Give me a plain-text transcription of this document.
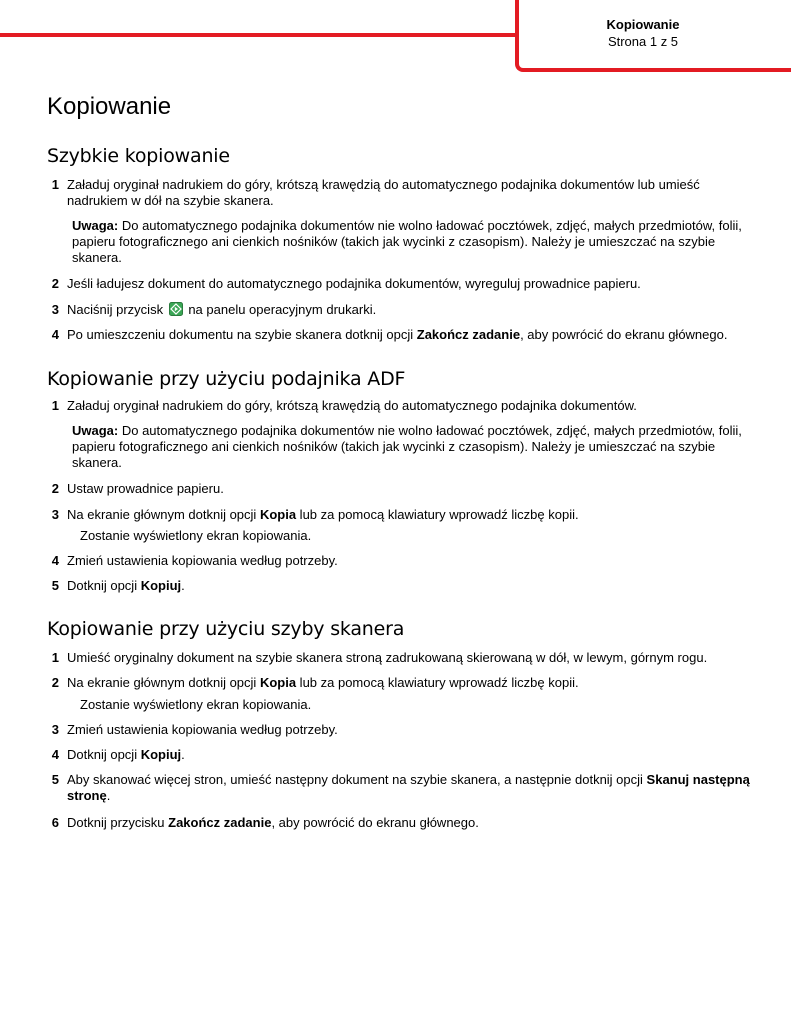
Kopiowanie
Strona 1 z 5
Kopiowanie
Szybkie kopiowanie
1 Załaduj oryginał nadrukiem do góry, krótszą krawędzią do automatycznego podajnika dokumentów lub umieść nadrukiem w dół na szybie skanera.
Uwaga: Do automatycznego podajnika dokumentów nie wolno ładować pocztówek, zdjęć, małych przedmiotów, folii, papieru fotograficznego ani cienkich nośników (takich jak wycinki z czasopism). Należy je umieszczać na szybie skanera.
2 Jeśli ładujesz dokument do automatycznego podajnika dokumentów, wyreguluj prowadnice papieru.
3 Naciśnij przycisk na panelu operacyjnym drukarki.
4 Po umieszczeniu dokumentu na szybie skanera dotknij opcji Zakończ zadanie, aby powrócić do ekranu głównego.
Kopiowanie przy użyciu podajnika ADF
1 Załaduj oryginał nadrukiem do góry, krótszą krawędzią do automatycznego podajnika dokumentów.
Uwaga: Do automatycznego podajnika dokumentów nie wolno ładować pocztówek, zdjęć, małych przedmiotów, folii, papieru fotograficznego ani cienkich nośników (takich jak wycinki z czasopism). Należy je umieszczać na szybie skanera.
2 Ustaw prowadnice papieru.
3 Na ekranie głównym dotknij opcji Kopia lub za pomocą klawiatury wprowadź liczbę kopii.
Zostanie wyświetlony ekran kopiowania.
4 Zmień ustawienia kopiowania według potrzeby.
5 Dotknij opcji Kopiuj.
Kopiowanie przy użyciu szyby skanera
1 Umieść oryginalny dokument na szybie skanera stroną zadrukowaną skierowaną w dół, w lewym, górnym rogu.
2 Na ekranie głównym dotknij opcji Kopia lub za pomocą klawiatury wprowadź liczbę kopii.
Zostanie wyświetlony ekran kopiowania.
3 Zmień ustawienia kopiowania według potrzeby.
4 Dotknij opcji Kopiuj.
5 Aby skanować więcej stron, umieść następny dokument na szybie skanera, a następnie dotknij opcji Skanuj następną stronę.
6 Dotknij przycisku Zakończ zadanie, aby powrócić do ekranu głównego.
